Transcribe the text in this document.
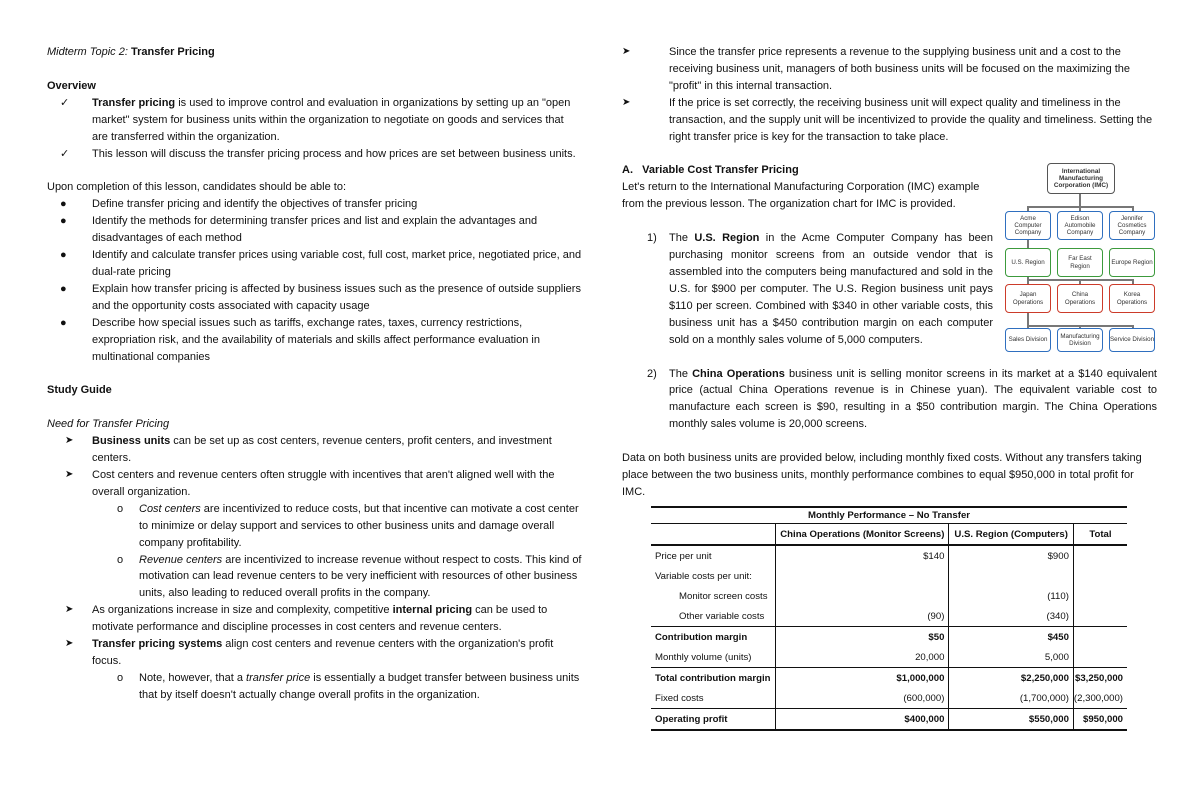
Midterm Topic 2: Transfer Pricing

Overview

✓	Transfer pricing is used to improve control and evaluation in organizations by setting up an "open market" system for business units within the organization to negotiate on goods and services that are transferred within the organization.
✓	This lesson will discuss the transfer pricing process and how prices are set between business units.

Upon completion of this lesson, candidates should be able to:

●	Define transfer pricing and identify the objectives of transfer pricing
●	Identify the methods for determining transfer prices and list and explain the advantages and disadvantages of each method
●	Identify and calculate transfer prices using variable cost, full cost, market price, negotiated price, and dual-rate pricing
●	Explain how transfer pricing is affected by business issues such as the presence of outside suppliers and the opportunity costs associated with capacity usage
●	Describe how special issues such as tariffs, exchange rates, taxes, currency restrictions, expropriation risk, and the availability of materials and skills affect performance evaluation in multinational companies

Study Guide

Need for Transfer Pricing

➤	Business units can be set up as cost centers, revenue centers, profit centers, and investment centers.
➤	Cost centers and revenue centers often struggle with incentives that aren't aligned well with the overall organization.
o	Cost centers are incentivized to reduce costs, but that incentive can motivate a cost center to minimize or delay support and services to other business units and damage overall company profitability.
o	Revenue centers are incentivized to increase revenue without respect to costs. This kind of motivation can lead revenue centers to be very inefficient with resources of other business units, also leading to reduced overall profits in the company.
➤	As organizations increase in size and complexity, competitive internal pricing can be used to motivate performance and discipline processes in cost centers and revenue centers.
➤	Transfer pricing systems align cost centers and revenue centers with the organization's profit focus.
o	Note, however, that a transfer price is essentially a budget transfer between business units that by itself doesn't actually change overall profits in the organization.
➤	Since the transfer price represents a revenue to the supplying business unit and a cost to the receiving business unit, managers of both business units will be focused on the maximizing the "profit" in this internal transaction.
➤	If the price is set correctly, the receiving business unit will expect quality and timeliness in the transaction, and the supply unit will be incentivized to provide the quality and timeliness. Setting the right transfer price is key for the transaction to take place.

A.   Variable Cost Transfer Pricing

Let's return to the International Manufacturing Corporation (IMC) example from the previous lesson. The organization chart for IMC is provided.

1) The U.S. Region in the Acme Computer Company has been purchasing monitor screens from an outside vendor that is assembled into the computers being manufactured and sold in the U.S. for $900 per computer. The U.S. Region business unit pays $110 per screen. Combined with $340 in other variable costs, this business unit has a $450 contribution margin on each computer sold on a monthly sales volume of 5,000 computers.
2) The China Operations business unit is selling monitor screens in its market at a $140 equivalent price (actual China Operations revenue is in Chinese yuan). The equivalent variable cost to manufacture each screen is $90, resulting in a $50 contribution margin. The China Operations monthly sales volume is 20,000 screens.

Data on both business units are provided below, including monthly fixed costs. Without any transfers taking place between the two business units, monthly performance combines to equal $950,000 in total profit for IMC.

International Manufacturing Corporation (IMC)
Acme Computer Company
Edison Automobile Company
Jennifer Cosmetics Company
U.S. Region
Far East Region
Europe Region
Japan Operations
China Operations
Korea Operations
Sales Division
Manufacturing Division
Service Division
Monthly Performance – No Transfer			
	China Operations (Monitor Screens)	U.S. Region (Computers)	Total
Price per unit	$140	$900	
Variable costs per unit:			
Monitor screen costs		(110)	
Other variable costs	(90)	(340)	
Contribution margin	$50	$450	
Monthly volume (units)	20,000	5,000	
Total contribution margin	$1,000,000	$2,250,000	$3,250,000
Fixed costs	(600,000)	(1,700,000)	(2,300,000)
Operating profit	$400,000	$550,000	$950,000
